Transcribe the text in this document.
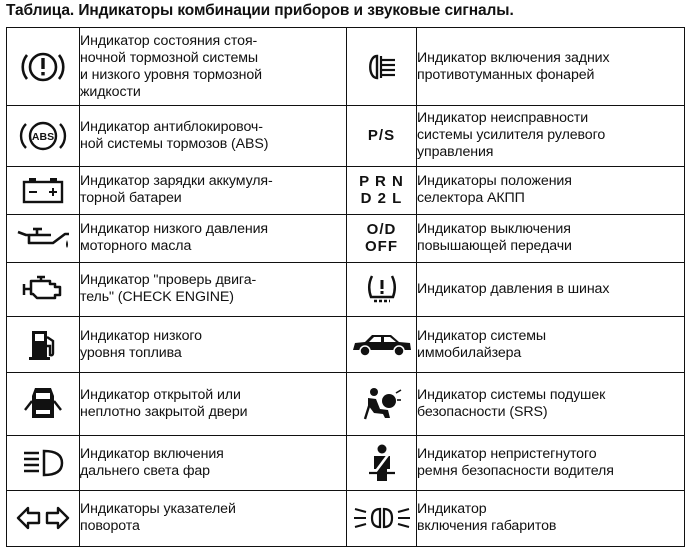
Таблица. Индикаторы комбинации приборов и звуковые сигналы.

Индикатор состояния стоя-
ночной тормозной системы
и низкого уровня тормозной
жидкости		Индикатор включения задних
противотуманных фонарей

ABS	Индикатор антиблокировоч-
ной системы тормозов (ABS)	P/S	Индикатор неисправности
системы усилителя рулевого
управления

Индикатор зарядки аккумуля-
торной батареи	P R N
D 2 L	Индикаторы положения
селектора АКПП

Индикатор низкого давления
моторного масла	O/D
OFF	Индикатор выключения
повышающей передачи

Индикатор "проверь двига-
тель" (CHECK ENGINE)		Индикатор давления в шинах

Индикатор низкого
уровня топлива		Индикатор системы
иммобилайзера

Индикатор открытой или
неплотно закрытой двери		Индикатор системы подушек
безопасности (SRS)

Индикатор включения
дальнего света фар		Индикатор непристегнутого
ремня безопасности водителя

Индикаторы указателей
поворота		Индикатор
включения габаритов
